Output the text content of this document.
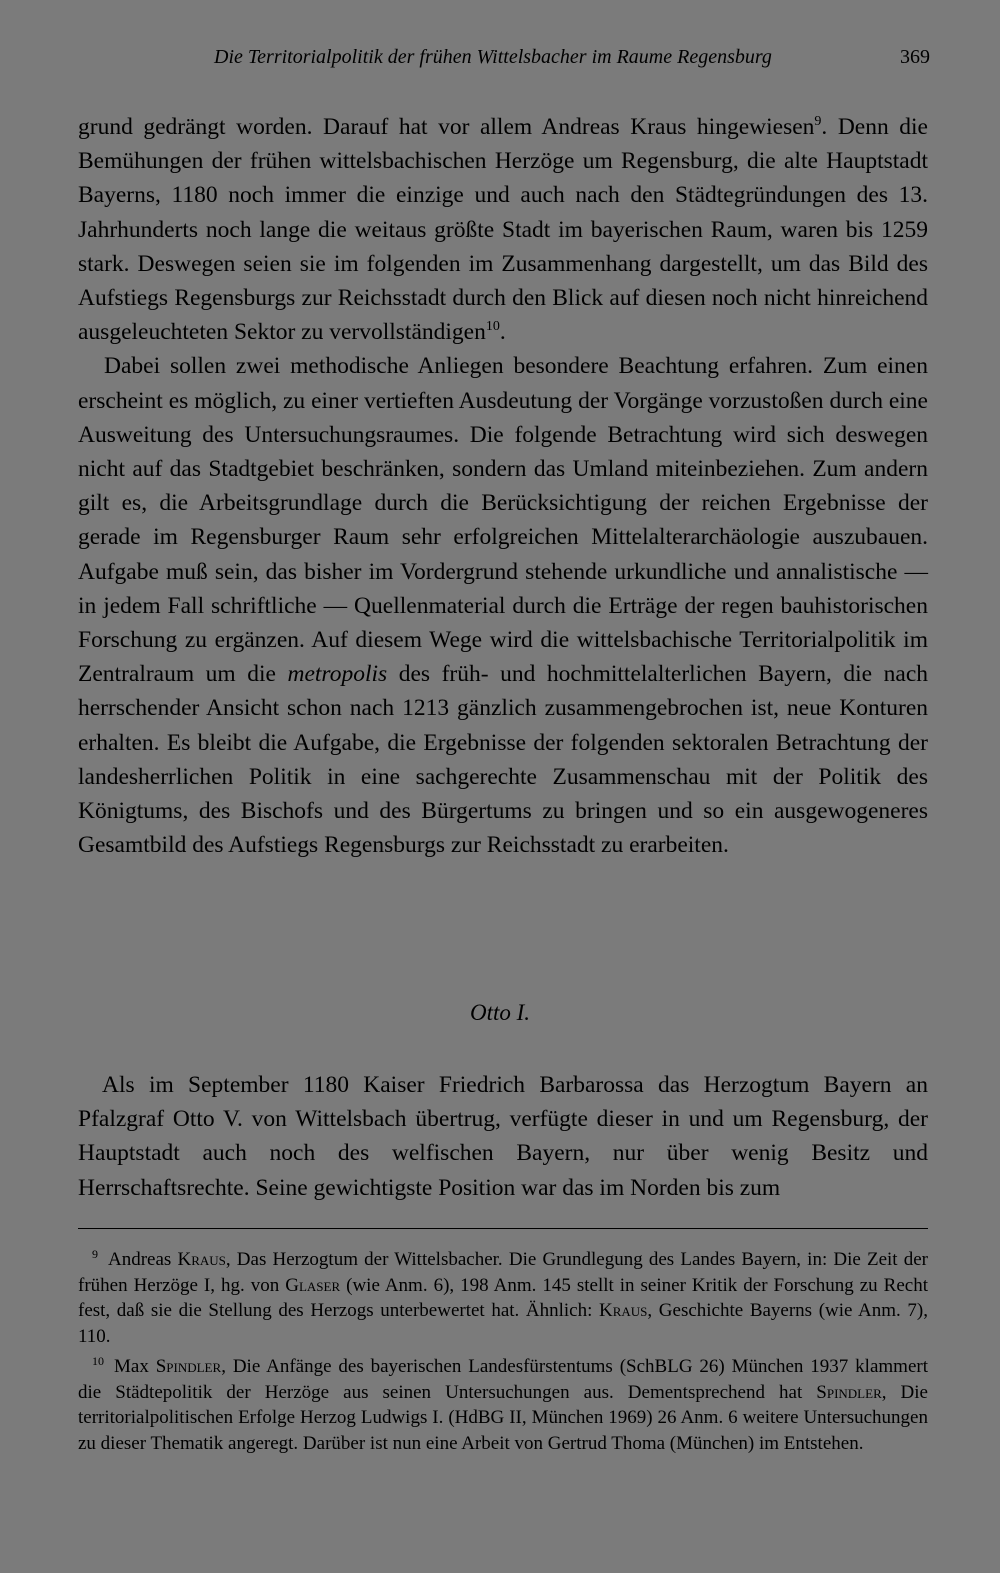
Die Territorialpolitik der frühen Wittelsbacher im Raume Regensburg	369

grund gedrängt worden. Darauf hat vor allem Andreas Kraus hingewiesen$^9$. Denn die Bemühungen der frühen wittelsbachischen Herzöge um Regensburg, die alte Hauptstadt Bayerns, 1180 noch immer die einzige und auch nach den Städtegründungen des 13. Jahrhunderts noch lange die weitaus größte Stadt im bayerischen Raum, waren bis 1259 stark. Deswegen seien sie im folgenden im Zusammenhang dargestellt, um das Bild des Aufstiegs Regensburgs zur Reichsstadt durch den Blick auf diesen noch nicht hinreichend ausgeleuchteten Sektor zu vervollständigen$^{10}$.

Dabei sollen zwei methodische Anliegen besondere Beachtung erfahren. Zum einen erscheint es möglich, zu einer vertieften Ausdeutung der Vorgänge vorzustoßen durch eine Ausweitung des Untersuchungsraumes. Die folgende Betrachtung wird sich deswegen nicht auf das Stadtgebiet beschränken, sondern das Umland miteinbeziehen. Zum andern gilt es, die Arbeitsgrundlage durch die Berücksichtigung der reichen Ergebnisse der gerade im Regensburger Raum sehr erfolgreichen Mittelalterarchäologie auszubauen. Aufgabe muß sein, das bisher im Vordergrund stehende urkundliche und annalistische — in jedem Fall schriftliche — Quellenmaterial durch die Erträge der regen bauhistorischen Forschung zu ergänzen. Auf diesem Wege wird die wittelsbachische Territorialpolitik im Zentralraum um die metropolis des früh- und hochmittelalterlichen Bayern, die nach herrschender Ansicht schon nach 1213 gänzlich zusammengebrochen ist, neue Konturen erhalten. Es bleibt die Aufgabe, die Ergebnisse der folgenden sektoralen Betrachtung der landesherrlichen Politik in eine sachgerechte Zusammenschau mit der Politik des Königtums, des Bischofs und des Bürgertums zu bringen und so ein ausgewogeneres Gesamtbild des Aufstiegs Regensburgs zur Reichsstadt zu erarbeiten.

Otto I.

Als im September 1180 Kaiser Friedrich Barbarossa das Herzogtum Bayern an Pfalzgraf Otto V. von Wittelsbach übertrug, verfügte dieser in und um Regensburg, der Hauptstadt auch noch des welfischen Bayern, nur über wenig Besitz und Herrschaftsrechte. Seine gewichtigste Position war das im Norden bis zum

$^9$ Andreas Kraus, Das Herzogtum der Wittelsbacher. Die Grundlegung des Landes Bayern, in: Die Zeit der frühen Herzöge I, hg. von Glaser (wie Anm. 6), 198 Anm. 145 stellt in seiner Kritik der Forschung zu Recht fest, daß sie die Stellung des Herzogs unterbewertet hat. Ähnlich: Kraus, Geschichte Bayerns (wie Anm. 7), 110.

$^{10}$ Max Spindler, Die Anfänge des bayerischen Landesfürstentums (SchBLG 26) München 1937 klammert die Städtepolitik der Herzöge aus seinen Untersuchungen aus. Dementsprechend hat Spindler, Die territorialpolitischen Erfolge Herzog Ludwigs I. (HdBG II, München 1969) 26 Anm. 6 weitere Untersuchungen zu dieser Thematik angeregt. Darüber ist nun eine Arbeit von Gertrud Thoma (München) im Entstehen.
